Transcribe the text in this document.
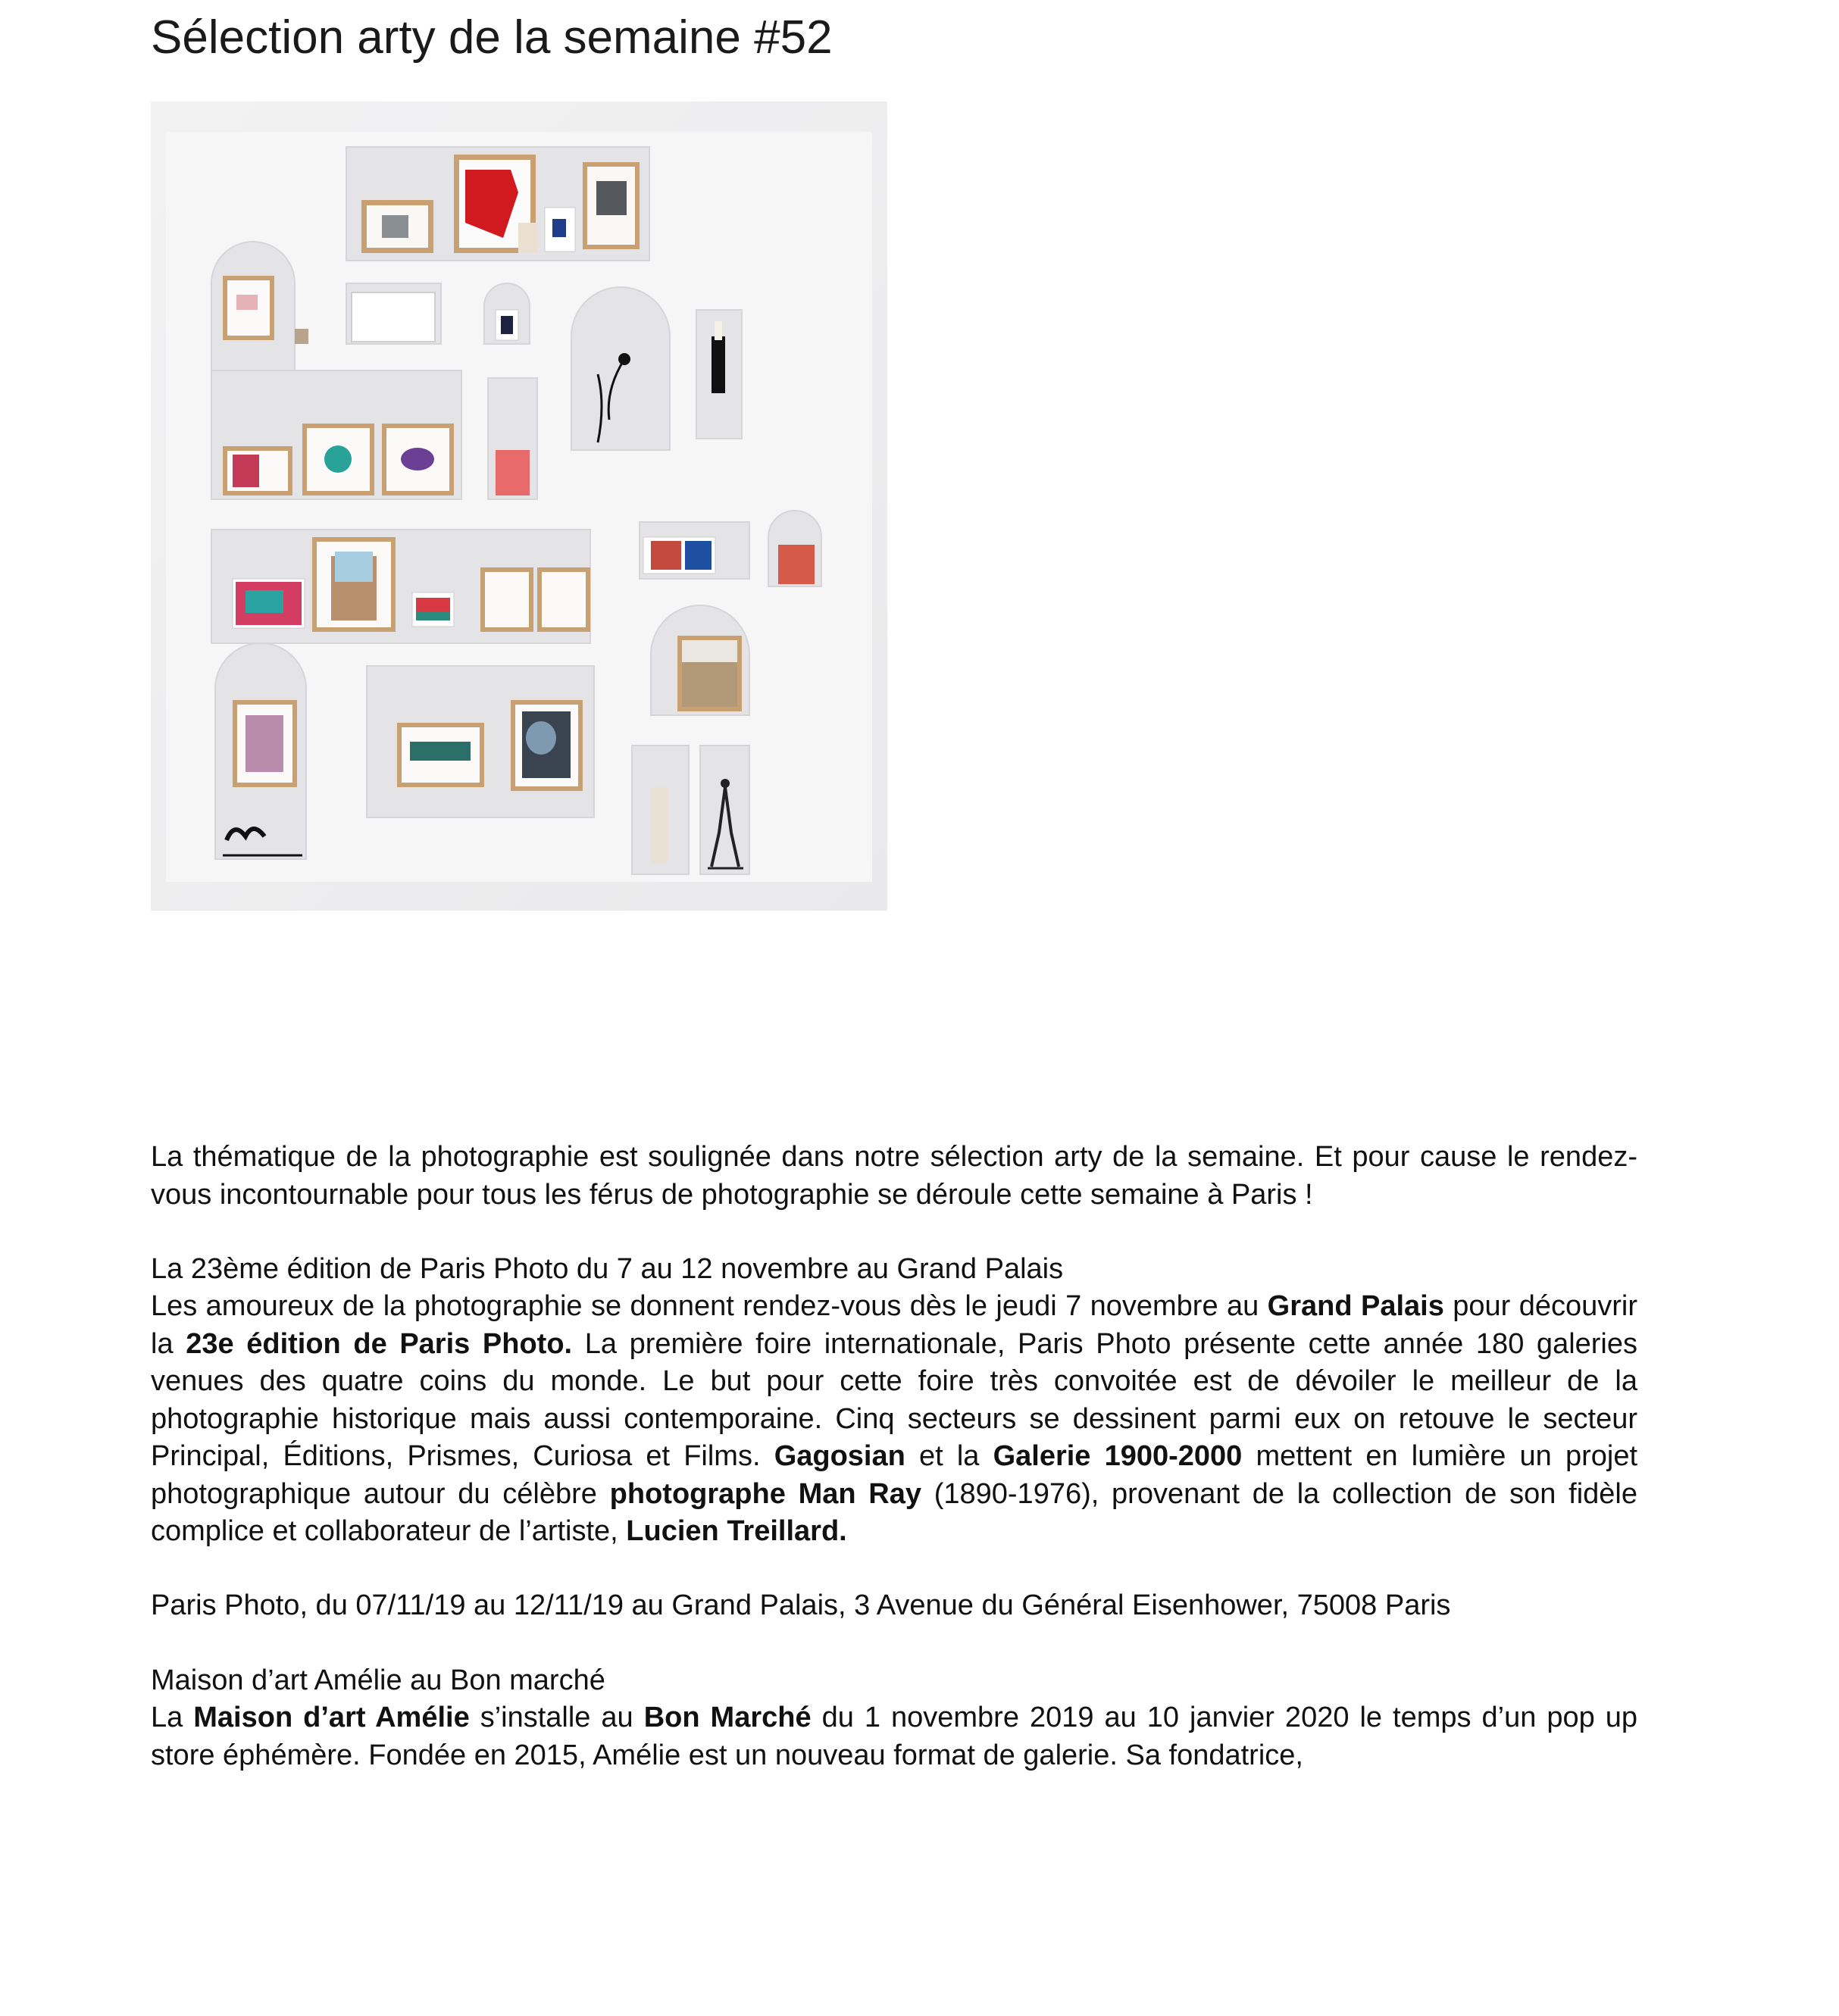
Sélection arty de la semaine #52

La thématique de la photographie est soulignée dans notre sélection arty de la semaine. Et pour cause le rendez-vous incontournable pour tous les férus de photographie se déroule cette semaine à Paris !

La 23ème édition de Paris Photo du 7 au 12 novembre au Grand Palais

Les amoureux de la photographie se donnent rendez-vous dès le jeudi 7 novembre au Grand Palais pour découvrir la 23e édition de Paris Photo. La première foire internationale, Paris Photo présente cette année 180 galeries venues des quatre coins du monde. Le but pour cette foire très convoitée est de dévoiler le meilleur de la photographie historique mais aussi contemporaine. Cinq secteurs se dessinent parmi eux on retouve le secteur Principal, Éditions, Prismes, Curiosa et Films. Gagosian et la Galerie 1900-2000 mettent en lumière un projet photographique autour du célèbre photographe Man Ray (1890-1976), provenant de la collection de son fidèle complice et collaborateur de l’artiste, Lucien Treillard.

Paris Photo, du 07/11/19 au 12/11/19 au Grand Palais, 3 Avenue du Général Eisenhower, 75008 Paris

Maison d’art Amélie au Bon marché

La Maison d’art Amélie s’installe au Bon Marché du 1 novembre 2019 au 10 janvier 2020 le temps d’un pop up store éphémère. Fondée en 2015, Amélie est un nouveau format de galerie. Sa fondatrice,
